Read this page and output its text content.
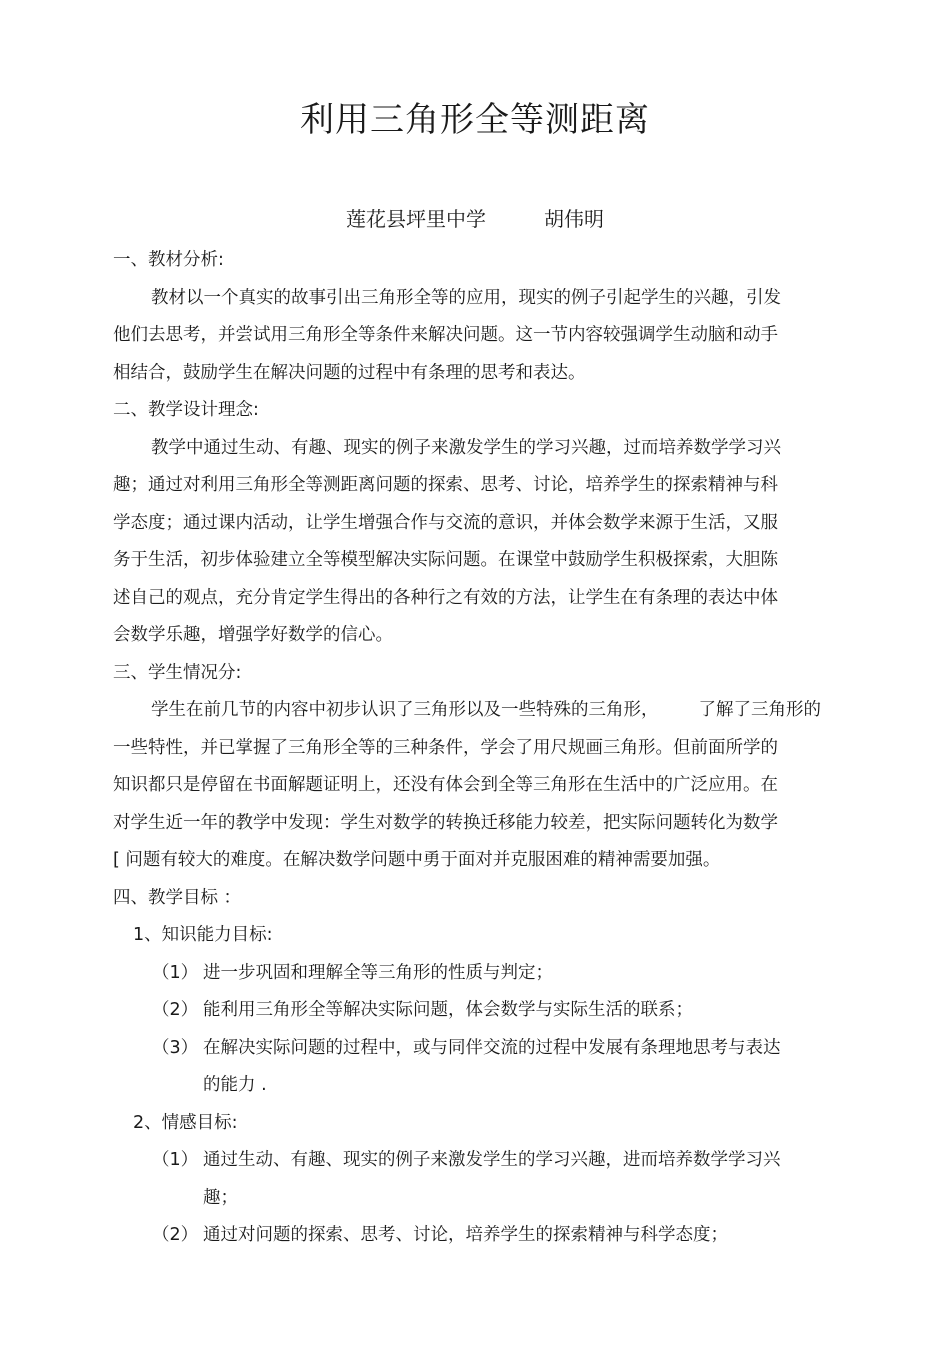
利用三角形全等测距离
莲花县坪里中学	胡伟明
一、教材分析:
教材以一个真实的故事引出三角形全等的应用，现实的例子引起学生的兴趣，引发
他们去思考，并尝试用三角形全等条件来解决问题。这一节内容较强调学生动脑和动手
相结合，鼓励学生在解决问题的过程中有条理的思考和表达。
二、教学设计理念:
教学中通过生动、有趣、现实的例子来激发学生的学习兴趣，过而培养数学学习兴
趣；通过对利用三角形全等测距离问题的探索、思考、讨论，培养学生的探索精神与科
学态度；通过课内活动，让学生增强合作与交流的意识，并体会数学来源于生活，又服
务于生活，初步体验建立全等模型解决实际问题。在课堂中鼓励学生积极探索，大胆陈
述自己的观点，充分肯定学生得出的各种行之有效的方法，让学生在有条理的表达中体
会数学乐趣，增强学好数学的信心。
三、学生情况分:
学生在前几节的内容中初步认识了三角形以及一些特殊的三角形， 了解了三角形的
一些特性，并已掌握了三角形全等的三种条件，学会了用尺规画三角形。但前面所学的
知识都只是停留在书面解题证明上，还没有体会到全等三角形在生活中的广泛应用。在
对学生近一年的教学中发现：学生对数学的转换迁移能力较差，把实际问题转化为数学
[ 问题有较大的难度。在解决数学问题中勇于面对并克服困难的精神需要加强。
四、教学目标 ：
1、知识能力目标:
（1） 进一步巩固和理解全等三角形的性质与判定；
（2） 能利用三角形全等解决实际问题，体会数学与实际生活的联系；
（3） 在解决实际问题的过程中，或与同伴交流的过程中发展有条理地思考与表达
的能力 .
2、情感目标:
（1） 通过生动、有趣、现实的例子来激发学生的学习兴趣，进而培养数学学习兴
趣；
（2） 通过对问题的探索、思考、讨论，培养学生的探索精神与科学态度；
